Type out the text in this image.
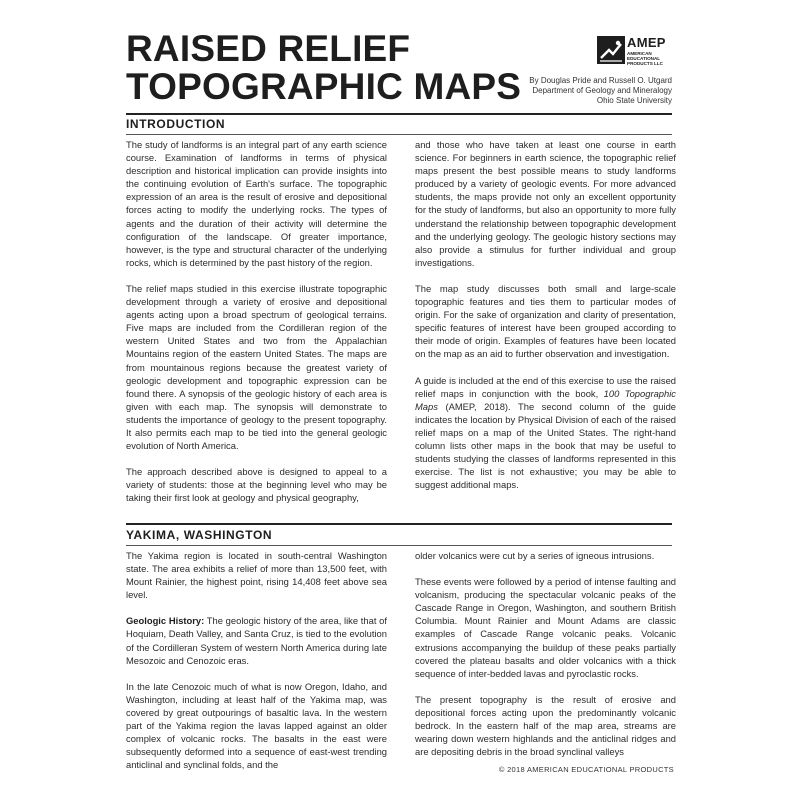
RAISED RELIEF
TOPOGRAPHIC MAPS
AMEP
AMERICAN EDUCATIONAL PRODUCTS LLC
By Douglas Pride and Russell O. Utgard
Department of Geology and Mineralogy
Ohio State University
INTRODUCTION

The study of landforms is an integral part of any earth science course. Examination of landforms in terms of physical description and historical implication can provide insights into the continuing evolution of Earth's surface. The topographic expression of an area is the result of erosive and depositional forces acting to modify the underlying rocks. The types of agents and the duration of their activity will determine the configuration of the landscape. Of greater importance, however, is the type and structural character of the underlying rocks, which is determined by the past history of the region.

The relief maps studied in this exercise illustrate topographic development through a variety of erosive and depositional agents acting upon a broad spectrum of geological terrains. Five maps are included from the Cordilleran region of the western United States and two from the Appalachian Mountains region of the eastern United States. The maps are from mountainous regions because the greatest variety of geologic development and topographic expression can be found there. A synopsis of the geologic history of each area is given with each map. The synopsis will demonstrate to students the importance of geology to the present topography. It also permits each map to be tied into the general geologic evolution of North America.

The approach described above is designed to appeal to a variety of students: those at the beginning level who may be taking their first look at geology and physical geography,

and those who have taken at least one course in earth science. For beginners in earth science, the topographic relief maps present the best possible means to study landforms produced by a variety of geologic events. For more advanced students, the maps provide not only an excellent opportunity for the study of landforms, but also an opportunity to more fully understand the relationship between topographic development and the underlying geology. The geologic history sections may also provide a stimulus for further individual and group investigations.

The map study discusses both small and large-scale topographic features and ties them to particular modes of origin. For the sake of organization and clarity of presentation, specific features of interest have been grouped according to their mode of origin. Examples of features have been located on the map as an aid to further observation and investigation.

A guide is included at the end of this exercise to use the raised relief maps in conjunction with the book, 100 Topographic Maps (AMEP, 2018). The second column of the guide indicates the location by Physical Division of each of the raised relief maps on a map of the United States. The right-hand column lists other maps in the book that may be useful to students studying the classes of landforms represented in this exercise. The list is not exhaustive; you may be able to suggest additional maps.

YAKIMA, WASHINGTON

The Yakima region is located in south-central Washington state. The area exhibits a relief of more than 13,500 feet, with Mount Rainier, the highest point, rising 14,408 feet above sea level.

Geologic History: The geologic history of the area, like that of Hoquiam, Death Valley, and Santa Cruz, is tied to the evolution of the Cordilleran System of western North America during late Mesozoic and Cenozoic eras.

In the late Cenozoic much of what is now Oregon, Idaho, and Washington, including at least half of the Yakima map, was covered by great outpourings of basaltic lava. In the western part of the Yakima region the lavas lapped against an older complex of volcanic rocks. The basalts in the east were subsequently deformed into a sequence of east-west trending anticlinal and synclinal folds, and the

older volcanics were cut by a series of igneous intrusions.

These events were followed by a period of intense faulting and volcanism, producing the spectacular volcanic peaks of the Cascade Range in Oregon, Washington, and southern British Columbia. Mount Rainier and Mount Adams are classic examples of Cascade Range volcanic peaks. Volcanic extrusions accompanying the buildup of these peaks partially covered the plateau basalts and older volcanics with a thick sequence of inter-bedded lavas and pyroclastic rocks.

The present topography is the result of erosive and depositional forces acting upon the predominantly volcanic bedrock. In the eastern half of the map area, streams are wearing down western highlands and the anticlinal ridges and are depositing debris in the broad synclinal valleys

© 2018 AMERICAN EDUCATIONAL PRODUCTS
